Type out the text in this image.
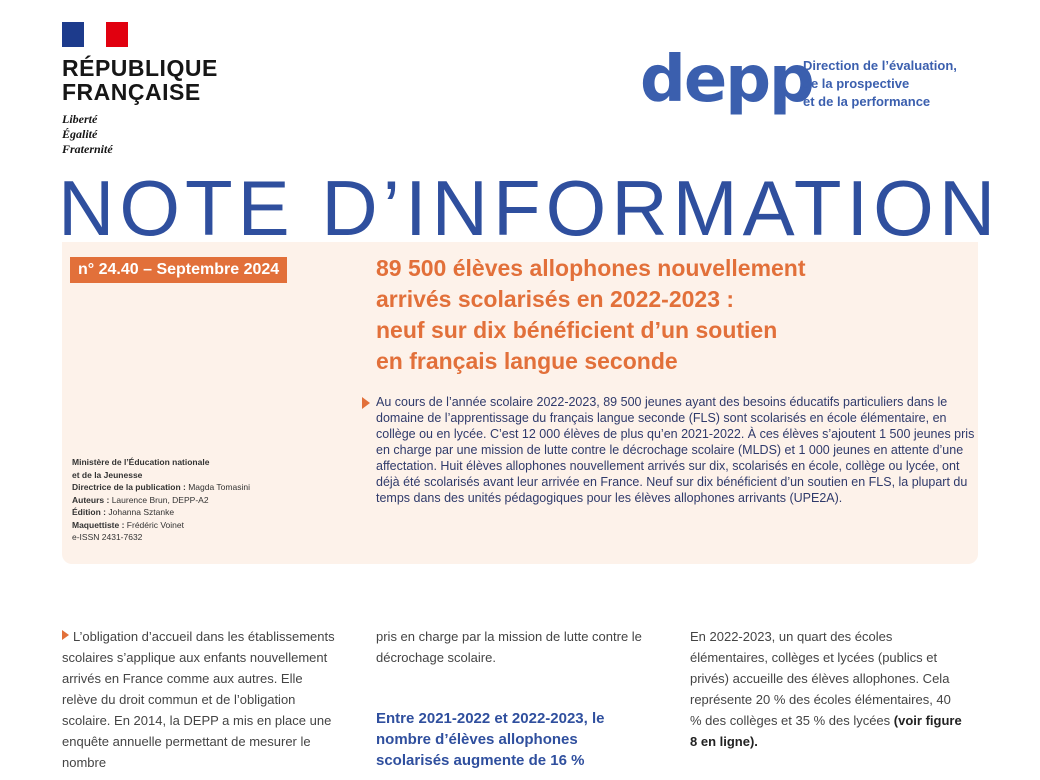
RÉPUBLIQUE
FRANÇAISE
Liberté
Égalité
Fraternité
depp
Direction de l’évaluation,
de la prospective
et de la performance
NOTE D’INFORMATION
n° 24.40 – Septembre 2024	89 500 élèves allophones nouvellement
arrivés scolarisés en 2022-2023 :
neuf sur dix bénéficient d’un soutien
en français langue seconde
Au cours de l’année scolaire 2022-2023, 89 500 jeunes ayant des besoins éducatifs particuliers dans le domaine de l’apprentissage du français langue seconde (FLS) sont scolarisés en école élémentaire, en collège ou en lycée. C’est 12 000 élèves de plus qu’en 2021-2022. À ces élèves s’ajoutent 1 500 jeunes pris en charge par une mission de lutte contre le décrochage scolaire (MLDS) et 1 000 jeunes en attente d’une affectation. Huit élèves allophones nouvellement arrivés sur dix, scolarisés en école, collège ou lycée, ont déjà été scolarisés avant leur arrivée en France. Neuf sur dix bénéficient d’un soutien en FLS, la plupart du temps dans des unités pédagogiques pour les élèves allophones arrivants (UPE2A).
Ministère de l’Éducation nationale
et de la Jeunesse
Directrice de la publication : Magda Tomasini
Auteurs : Laurence Brun, DEPP-A2
Édition : Johanna Sztanke
Maquettiste : Frédéric Voinet
e-ISSN 2431-7632
L’obligation d’accueil dans les établissements scolaires s’applique aux enfants nouvellement arrivés en France comme aux autres. Elle relève du droit commun et de l’obligation scolaire. En 2014, la DEPP a mis en place une enquête annuelle permettant de mesurer le nombre
pris en charge par la mission de lutte contre le décrochage scolaire.
Entre 2021-2022 et 2022-2023, le nombre d’élèves allophones scolarisés augmente de 16 %
En 2022-2023, un quart des écoles élémentaires, collèges et lycées (publics et privés) accueille des élèves allophones. Cela représente 20 % des écoles élémentaires, 40 % des collèges et 35 % des lycées (voir figure 8 en ligne).
